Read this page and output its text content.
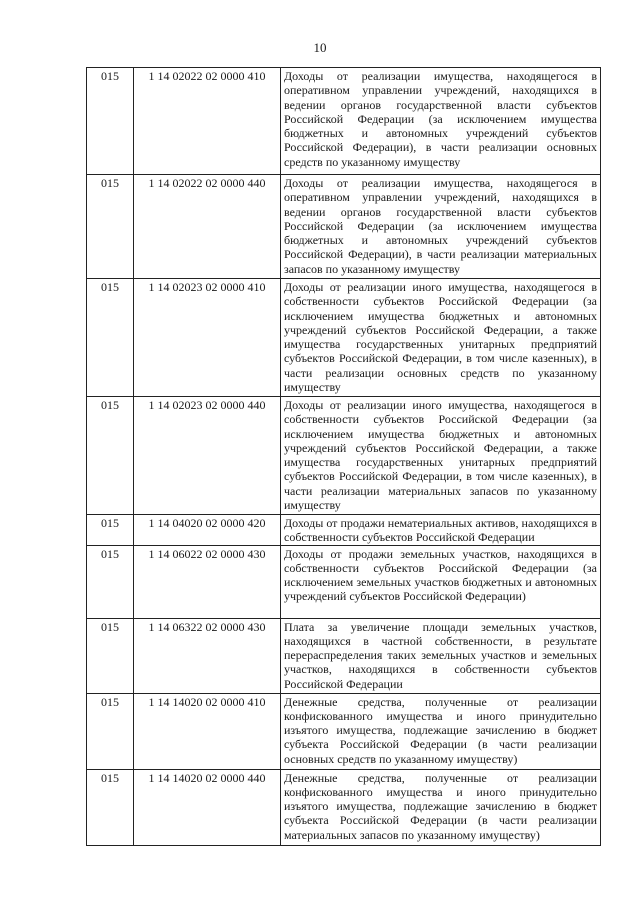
10
015	1 14 02022 02 0000 410	Доходы от реализации имущества, находящегося в оперативном управлении учреждений, находящихся в ведении органов государственной власти субъектов Российской Федерации (за исключением имущества бюджетных и автономных учреждений субъектов Российской Федерации), в части реализации основных средств по указанному имуществу
015	1 14 02022 02 0000 440	Доходы от реализации имущества, находящегося в оперативном управлении учреждений, находящихся в ведении органов государственной власти субъектов Российской Федерации (за исключением имущества бюджетных и автономных учреждений субъектов Российской Федерации), в части реализации материальных запасов по указанному имуществу
015	1 14 02023 02 0000 410	Доходы от реализации иного имущества, находящегося в собственности субъектов Российской Федерации (за исключением имущества бюджетных и автономных учреждений субъектов Российской Федерации, а также имущества государственных унитарных предприятий субъектов Российской Федерации, в том числе казенных), в части реализации основных средств по указанному имуществу
015	1 14 02023 02 0000 440	Доходы от реализации иного имущества, находящегося в собственности субъектов Российской Федерации (за исключением имущества бюджетных и автономных учреждений субъектов Российской Федерации, а также имущества государственных унитарных предприятий субъектов Российской Федерации, в том числе казенных), в части реализации материальных запасов по указанному имуществу
015	1 14 04020 02 0000 420	Доходы от продажи нематериальных активов, находящихся в собственности субъектов Российской Федерации
015	1 14 06022 02 0000 430	Доходы от продажи земельных участков, находящихся в собственности субъектов Российской Федерации (за исключением земельных участков бюджетных и автономных учреждений субъектов Российской Федерации)
015	1 14 06322 02 0000 430	Плата за увеличение площади земельных участков, находящихся в частной собственности, в результате перераспределения таких земельных участков и земельных участков, находящихся в собственности субъектов Российской Федерации
015	1 14 14020 02 0000 410	Денежные средства, полученные от реализации конфискованного имущества и иного принудительно изъятого имущества, подлежащие зачислению в бюджет субъекта Российской Федерации (в части реализации основных средств по указанному имуществу)
015	1 14 14020 02 0000 440	Денежные средства, полученные от реализации конфискованного имущества и иного принудительно изъятого имущества, подлежащие зачислению в бюджет субъекта Российской Федерации (в части реализации материальных запасов по указанному имуществу)
